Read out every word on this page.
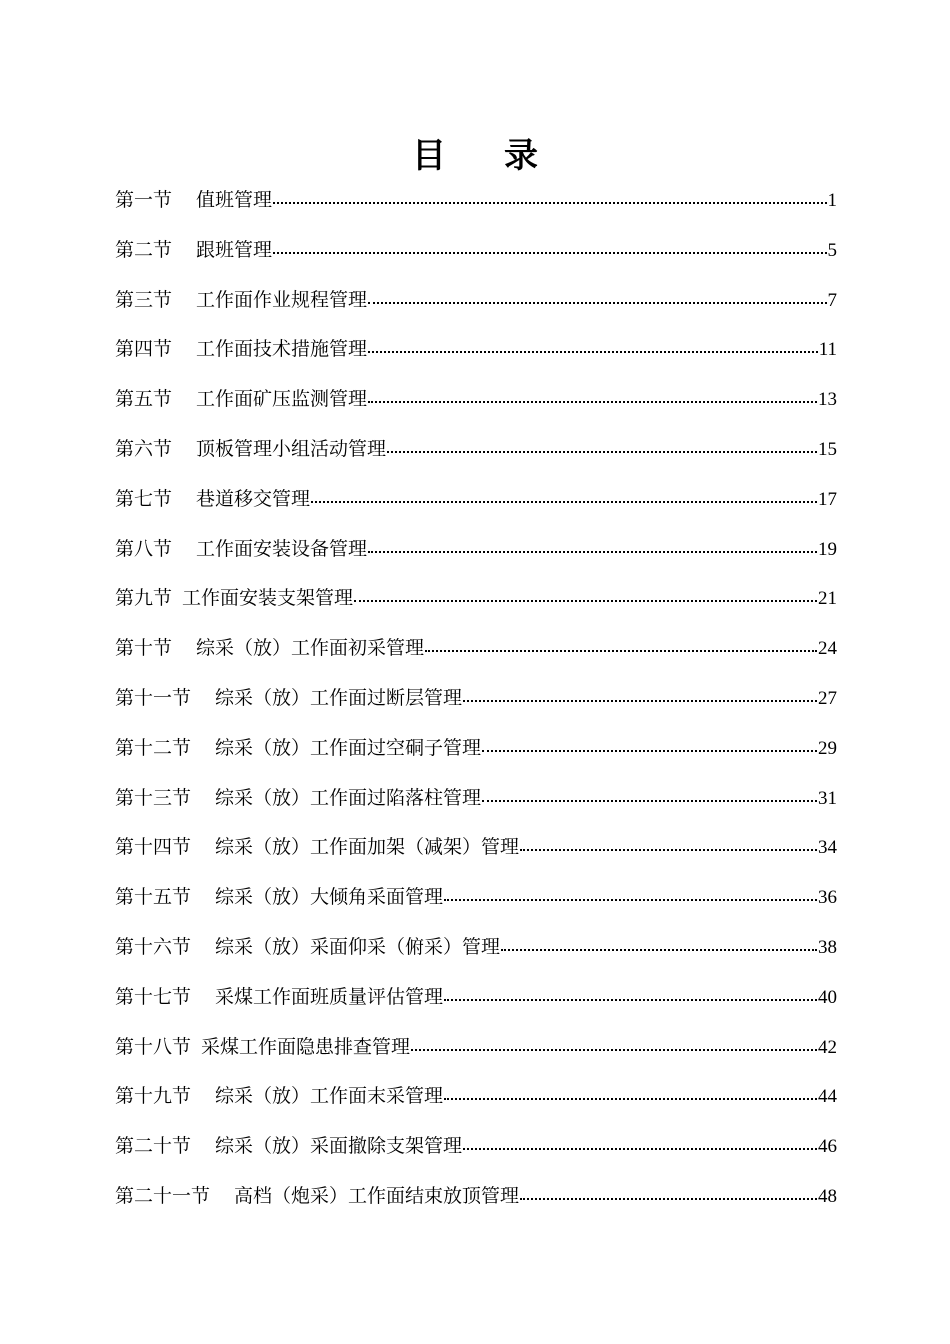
目 录
第一节 值班管理	1
第二节 跟班管理	5
第三节 工作面作业规程管理	7
第四节 工作面技术措施管理	11
第五节 工作面矿压监测管理	13
第六节 顶板管理小组活动管理	15
第七节 巷道移交管理	17
第八节 工作面安装设备管理	19
第九节 工作面安装支架管理	21
第十节 综采（放）工作面初采管理	24
第十一节 综采（放）工作面过断层管理	27
第十二节 综采（放）工作面过空硐子管理	29
第十三节 综采（放）工作面过陷落柱管理	31
第十四节 综采（放）工作面加架（减架）管理	34
第十五节 综采（放）大倾角采面管理	36
第十六节 综采（放）采面仰采（俯采）管理	38
第十七节 采煤工作面班质量评估管理	40
第十八节 采煤工作面隐患排查管理	42
第十九节 综采（放）工作面末采管理	44
第二十节 综采（放）采面撤除支架管理	46
第二十一节 高档（炮采）工作面结束放顶管理	48
